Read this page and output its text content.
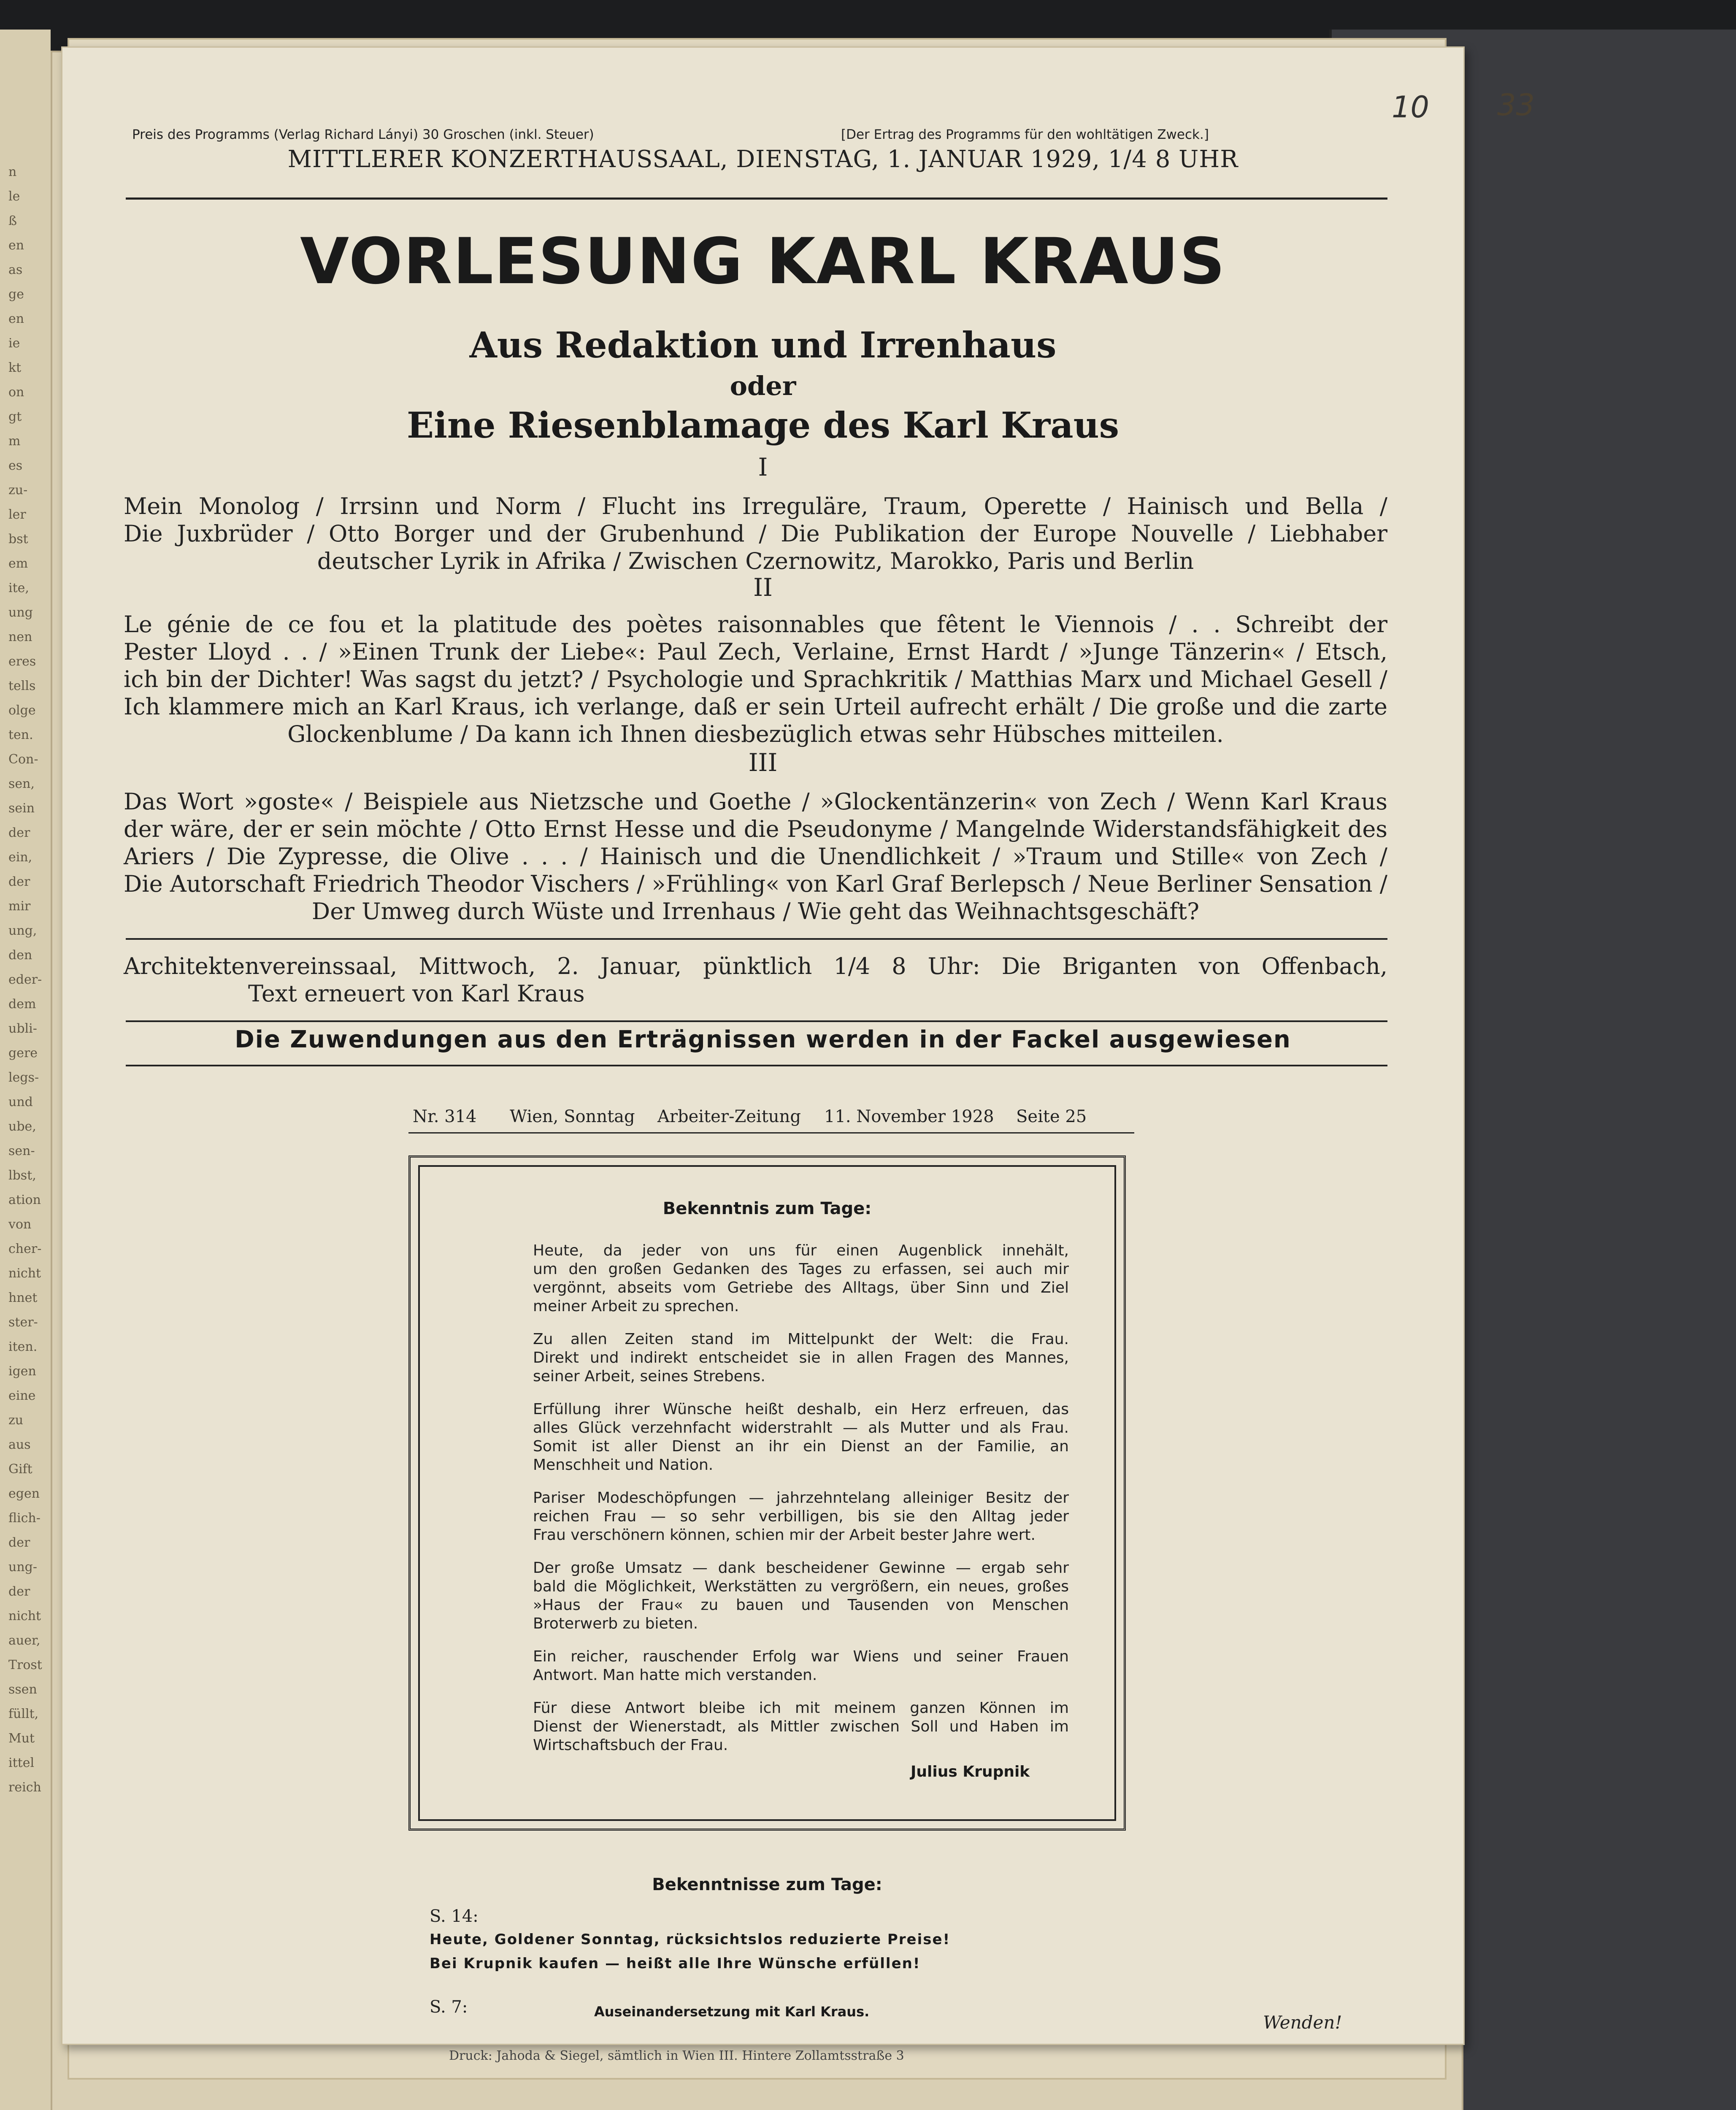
Druck: Jahoda & Siegel, sämtlich in Wien III. Hintere Zollamtsstraße 3
10 33
Preis des Programms (Verlag Richard Lányi) 30 Groschen (inkl. Steuer)	[Der Ertrag des Programms für den wohltätigen Zweck.]
MITTLERER KONZERTHAUSSAAL, DIENSTAG, 1. JANUAR 1929, 1/4 8 UHR
VORLESUNG KARL KRAUS
Aus Redaktion und Irrenhaus
oder
Eine Riesenblamage des Karl Kraus
I
Mein Monolog / Irrsinn und Norm / Flucht ins Irreguläre, Traum, Operette / Hainisch und Bella /
Die Juxbrüder / Otto Borger und der Grubenhund / Die Publikation der Europe Nouvelle / Liebhaber
deutscher Lyrik in Afrika / Zwischen Czernowitz, Marokko, Paris und Berlin
II
Le génie de ce fou et la platitude des poètes raisonnables que fêtent le Viennois / . . Schreibt der
Pester Lloyd . . / »Einen Trunk der Liebe«: Paul Zech, Verlaine, Ernst Hardt / »Junge Tänzerin« / Etsch,
ich bin der Dichter! Was sagst du jetzt? / Psychologie und Sprachkritik / Matthias Marx und Michael Gesell /
Ich klammere mich an Karl Kraus, ich verlange, daß er sein Urteil aufrecht erhält / Die große und die zarte
Glockenblume / Da kann ich Ihnen diesbezüglich etwas sehr Hübsches mitteilen.
III
Das Wort »goste« / Beispiele aus Nietzsche und Goethe / »Glockentänzerin« von Zech / Wenn Karl Kraus
der wäre, der er sein möchte / Otto Ernst Hesse und die Pseudonyme / Mangelnde Widerstandsfähigkeit des
Ariers / Die Zypresse, die Olive . . . / Hainisch und die Unendlichkeit / »Traum und Stille« von Zech /
Die Autorschaft Friedrich Theodor Vischers / »Frühling« von Karl Graf Berlepsch / Neue Berliner Sensation /
Der Umweg durch Wüste und Irrenhaus / Wie geht das Weihnachtsgeschäft?
Architektenvereinssaal, Mittwoch, 2. Januar, pünktlich 1/4 8 Uhr: Die Briganten von Offenbach,
Text erneuert von Karl Kraus
Die Zuwendungen aus den Erträgnissen werden in der Fackel ausgewiesen
Nr. 314 Wien, Sonntag Arbeiter-Zeitung 11. November 1928 Seite 25
Bekenntnis zum Tage:
Heute, da jeder von uns für einen Augenblick innehält,
um den großen Gedanken des Tages zu erfassen, sei auch mir
vergönnt, abseits vom Getriebe des Alltags, über Sinn und Ziel
meiner Arbeit zu sprechen.
Zu allen Zeiten stand im Mittelpunkt der Welt: die Frau.
Direkt und indirekt entscheidet sie in allen Fragen des Mannes,
seiner Arbeit, seines Strebens.
Erfüllung ihrer Wünsche heißt deshalb, ein Herz erfreuen, das
alles Glück verzehnfacht widerstrahlt — als Mutter und als Frau.
Somit ist aller Dienst an ihr ein Dienst an der Familie, an
Menschheit und Nation.
Pariser Modeschöpfungen — jahrzehntelang alleiniger Besitz der
reichen Frau — so sehr verbilligen, bis sie den Alltag jeder
Frau verschönern können, schien mir der Arbeit bester Jahre wert.
Der große Umsatz — dank bescheidener Gewinne — ergab sehr
bald die Möglichkeit, Werkstätten zu vergrößern, ein neues, großes
»Haus der Frau« zu bauen und Tausenden von Menschen
Broterwerb zu bieten.
Ein reicher, rauschender Erfolg war Wiens und seiner Frauen
Antwort. Man hatte mich verstanden.
Für diese Antwort bleibe ich mit meinem ganzen Können im
Dienst der Wienerstadt, als Mittler zwischen Soll und Haben im
Wirtschaftsbuch der Frau.
Julius Krupnik
Bekenntnisse zum Tage:
S. 14:
Heute, Goldener Sonntag, rücksichtslos reduzierte Preise!
Bei Krupnik kaufen — heißt alle Ihre Wünsche erfüllen!
S. 7:	Auseinandersetzung mit Karl Kraus.
Wenden!
n
le
ß
en
as
ge
en
ie
kt
on
gt
m
es
zu-
ler
bst
em
ite,
ung
nen
eres
tells
olge
ten.
Con-
sen,
sein
der
ein,
der
mir
ung,
den
eder-
dem
ubli-
gere
legs-
und
ube,
sen-
lbst,
ation
von
cher-
nicht
hnet
ster-
iten.
igen
eine
zu
aus
Gift
egen
flich-
der
ung-
der
nicht
auer,
Trost
ssen
füllt,
Mut
ittel
reich
